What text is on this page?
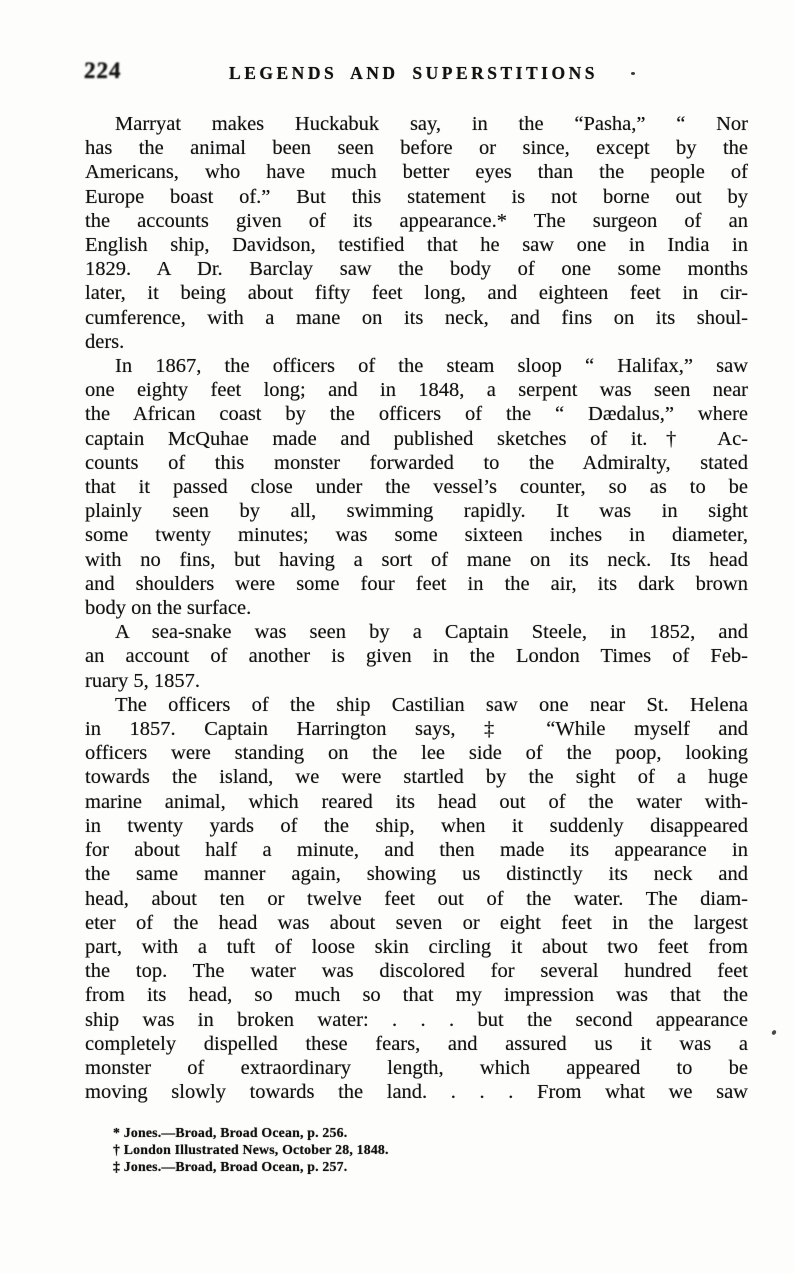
224	LEGENDS AND SUPERSTITIONS
Marryat makes Huckabuk say, in the “Pasha,” “ Nor
has the animal been seen before or since, except by the
Americans, who have much better eyes than the people of
Europe boast of.” But this statement is not borne out by
the accounts given of its appearance.* The surgeon of an
English ship, Davidson, testified that he saw one in India in
1829. A Dr. Barclay saw the body of one some months
later, it being about fifty feet long, and eighteen feet in cir-
cumference, with a mane on its neck, and fins on its shoul-
ders.
In 1867, the officers of the steam sloop “ Halifax,” saw
one eighty feet long; and in 1848, a serpent was seen near
the African coast by the officers of the “ Dædalus,” where
captain McQuhae made and published sketches of it.† Ac-
counts of this monster forwarded to the Admiralty, stated
that it passed close under the vessel’s counter, so as to be
plainly seen by all, swimming rapidly. It was in sight
some twenty minutes; was some sixteen inches in diameter,
with no fins, but having a sort of mane on its neck. Its head
and shoulders were some four feet in the air, its dark brown
body on the surface.
A sea-snake was seen by a Captain Steele, in 1852, and
an account of another is given in the London Times of Feb-
ruary 5, 1857.
The officers of the ship Castilian saw one near St. Helena
in 1857. Captain Harrington says, ‡ “While myself and
officers were standing on the lee side of the poop, looking
towards the island, we were startled by the sight of a huge
marine animal, which reared its head out of the water with-
in twenty yards of the ship, when it suddenly disappeared
for about half a minute, and then made its appearance in
the same manner again, showing us distinctly its neck and
head, about ten or twelve feet out of the water. The diam-
eter of the head was about seven or eight feet in the largest
part, with a tuft of loose skin circling it about two feet from
the top. The water was discolored for several hundred feet
from its head, so much so that my impression was that the
ship was in broken water: . . . but the second appearance
completely dispelled these fears, and assured us it was a
monster of extraordinary length, which appeared to be
moving slowly towards the land. . . . From what we saw
* Jones.—Broad, Broad Ocean, p. 256.
† London Illustrated News, October 28, 1848.
‡ Jones.—Broad, Broad Ocean, p. 257.
